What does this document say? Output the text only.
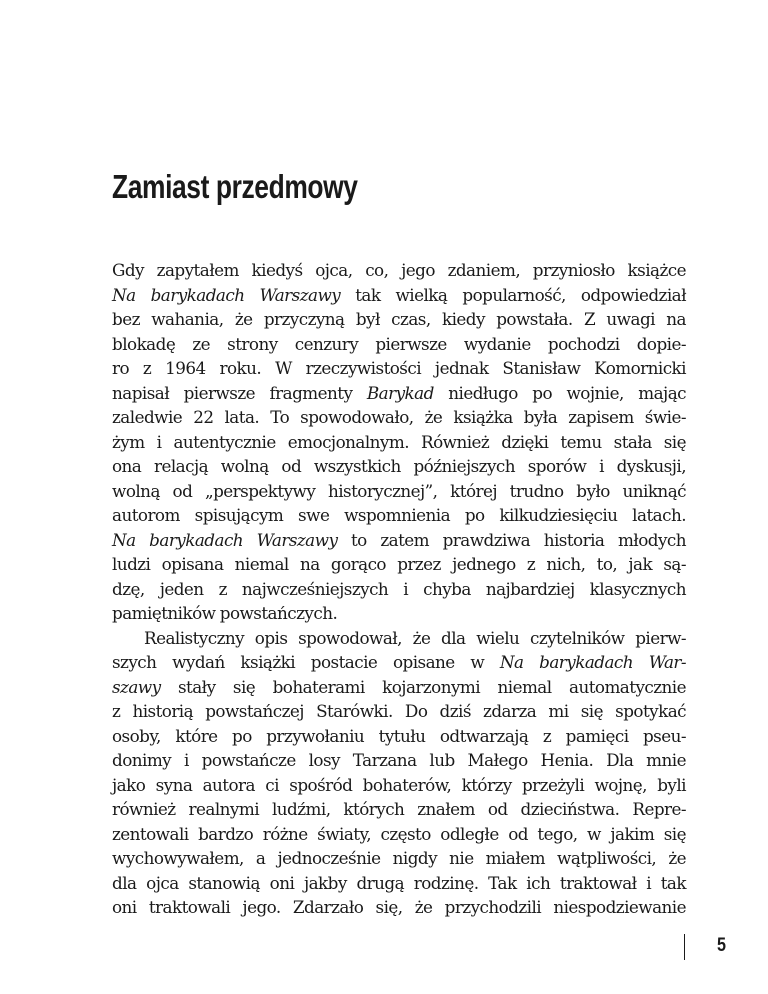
Zamiast przedmowy
Gdy zapytałem kiedyś ojca, co, jego zdaniem, przyniosło książce
Na barykadach Warszawy tak wielką popularność, odpowiedział
bez wahania, że przyczyną był czas, kiedy powstała. Z uwagi na
blokadę ze strony cenzury pierwsze wydanie pochodzi dopie-
ro z 1964 roku. W rzeczywistości jednak Stanisław Komornicki
napisał pierwsze fragmenty Barykad niedługo po wojnie, mając
zaledwie 22 lata. To spowodowało, że książka była zapisem świe-
żym i autentycznie emocjonalnym. Również dzięki temu stała się
ona relacją wolną od wszystkich późniejszych sporów i dyskusji,
wolną od „perspektywy historycznej”, której trudno było uniknąć
autorom spisującym swe wspomnienia po kilkudziesięciu latach.
Na barykadach Warszawy to zatem prawdziwa historia młodych
ludzi opisana niemal na gorąco przez jednego z nich, to, jak są-
dzę, jeden z najwcześniejszych i chyba najbardziej klasycznych
pamiętników powstańczych.
Realistyczny opis spowodował, że dla wielu czytelników pierw-
szych wydań książki postacie opisane w Na barykadach War-
szawy stały się bohaterami kojarzonymi niemal automatycznie
z historią powstańczej Starówki. Do dziś zdarza mi się spotykać
osoby, które po przywołaniu tytułu odtwarzają z pamięci pseu-
donimy i powstańcze losy Tarzana lub Małego Henia. Dla mnie
jako syna autora ci spośród bohaterów, którzy przeżyli wojnę, byli
również realnymi ludźmi, których znałem od dzieciństwa. Repre-
zentowali bardzo różne światy, często odległe od tego, w jakim się
wychowywałem, a jednocześnie nigdy nie miałem wątpliwości, że
dla ojca stanowią oni jakby drugą rodzinę. Tak ich traktował i tak
oni traktowali jego. Zdarzało się, że przychodzili niespodziewanie
5
